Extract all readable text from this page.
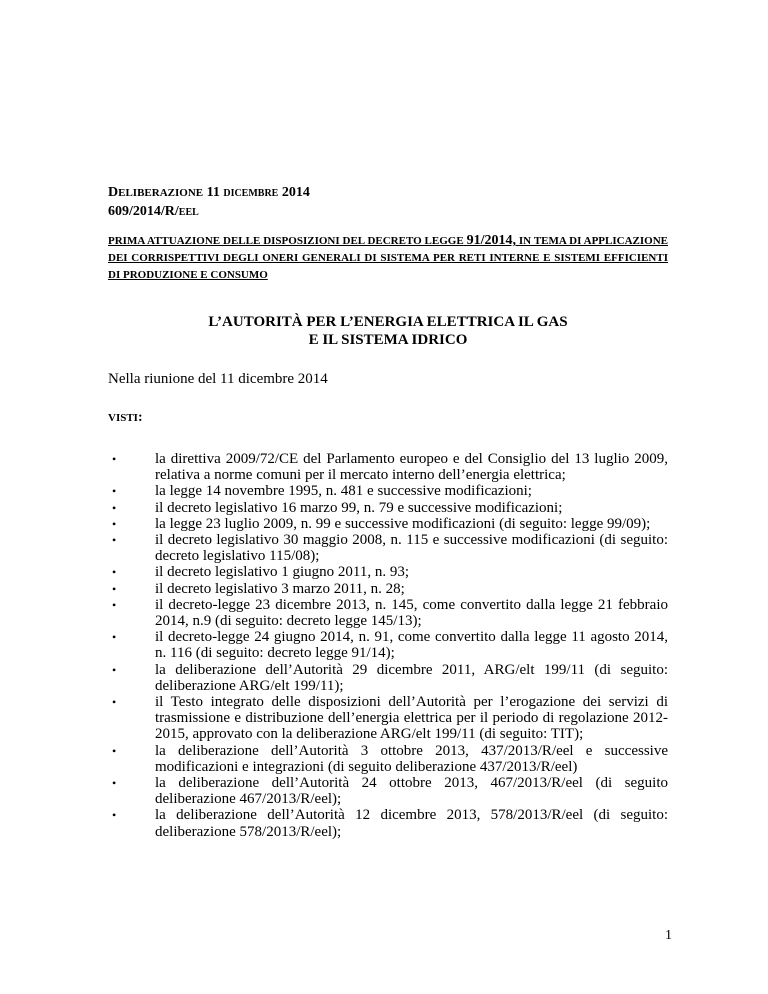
DELIBERAZIONE 11 DICEMBRE 2014

609/2014/R/EEL

PRIMA ATTUAZIONE DELLE DISPOSIZIONI DEL DECRETO LEGGE 91/2014, IN TEMA DI APPLICAZIONE DEI CORRISPETTIVI DEGLI ONERI GENERALI DI SISTEMA PER RETI INTERNE E SISTEMI EFFICIENTI DI PRODUZIONE E CONSUMO

L’AUTORITÀ PER L’ENERGIA ELETTRICA IL GAS
E IL SISTEMA IDRICO

Nella riunione del 11 dicembre 2014

VISTI:

•	la direttiva 2009/72/CE del Parlamento europeo e del Consiglio del 13 luglio 2009, relativa a norme comuni per il mercato interno dell’energia elettrica;
•	la legge 14 novembre 1995, n. 481 e successive modificazioni;
•	il decreto legislativo 16 marzo 99, n. 79 e successive modificazioni;
•	la legge 23 luglio 2009, n. 99 e successive modificazioni (di seguito: legge 99/09);
•	il decreto legislativo 30 maggio 2008, n. 115 e successive modificazioni (di seguito: decreto legislativo 115/08);
•	il decreto legislativo 1 giugno 2011, n. 93;
•	il decreto legislativo 3 marzo 2011, n. 28;
•	il decreto-legge 23 dicembre 2013, n. 145, come convertito dalla legge 21 febbraio 2014, n.9 (di seguito: decreto legge 145/13);
•	il decreto-legge 24 giugno 2014, n. 91, come convertito dalla legge 11 agosto 2014, n. 116 (di seguito: decreto legge 91/14);
•	la deliberazione dell’Autorità 29 dicembre 2011, ARG/elt 199/11 (di seguito: deliberazione ARG/elt 199/11);
•	il Testo integrato delle disposizioni dell’Autorità per l’erogazione dei servizi di trasmissione e distribuzione dell’energia elettrica per il periodo di regolazione 2012-2015, approvato con la deliberazione ARG/elt 199/11 (di seguito: TIT);
•	la deliberazione dell’Autorità 3 ottobre 2013, 437/2013/R/eel e successive modificazioni e integrazioni (di seguito deliberazione 437/2013/R/eel)
•	la deliberazione dell’Autorità 24 ottobre 2013, 467/2013/R/eel (di seguito deliberazione 467/2013/R/eel);
•	la deliberazione dell’Autorità 12 dicembre 2013, 578/2013/R/eel (di seguito: deliberazione 578/2013/R/eel);

1
